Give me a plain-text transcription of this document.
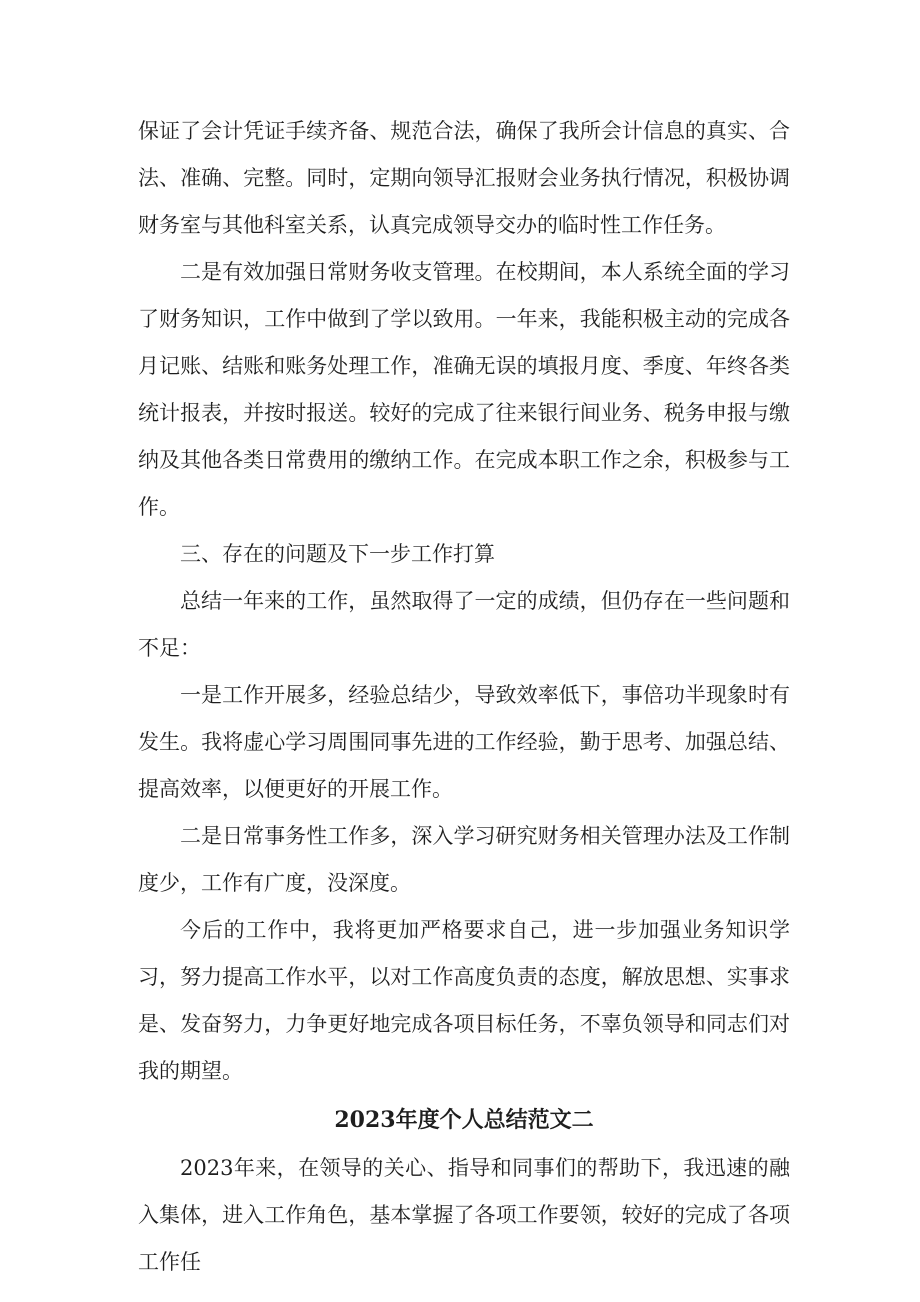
保证了会计凭证手续齐备、规范合法，确保了我所会计信息的真实、合法、准确、完整。同时，定期向领导汇报财会业务执行情况，积极协调财务室与其他科室关系，认真完成领导交办的临时性工作任务。

二是有效加强日常财务收支管理。在校期间，本人系统全面的学习了财务知识，工作中做到了学以致用。一年来，我能积极主动的完成各月记账、结账和账务处理工作，准确无误的填报月度、季度、年终各类统计报表，并按时报送。较好的完成了往来银行间业务、税务申报与缴纳及其他各类日常费用的缴纳工作。在完成本职工作之余，积极参与工作。

三、存在的问题及下一步工作打算

总结一年来的工作，虽然取得了一定的成绩，但仍存在一些问题和不足：

一是工作开展多，经验总结少，导致效率低下，事倍功半现象时有发生。我将虚心学习周围同事先进的工作经验，勤于思考、加强总结、提高效率，以便更好的开展工作。

二是日常事务性工作多，深入学习研究财务相关管理办法及工作制度少，工作有广度，没深度。

今后的工作中，我将更加严格要求自己，进一步加强业务知识学习，努力提高工作水平，以对工作高度负责的态度，解放思想、实事求是、发奋努力，力争更好地完成各项目标任务，不辜负领导和同志们对我的期望。

2023年度个人总结范文二

2023年来，在领导的关心、指导和同事们的帮助下，我迅速的融入集体，进入工作角色，基本掌握了各项工作要领，较好的完成了各项工作任
